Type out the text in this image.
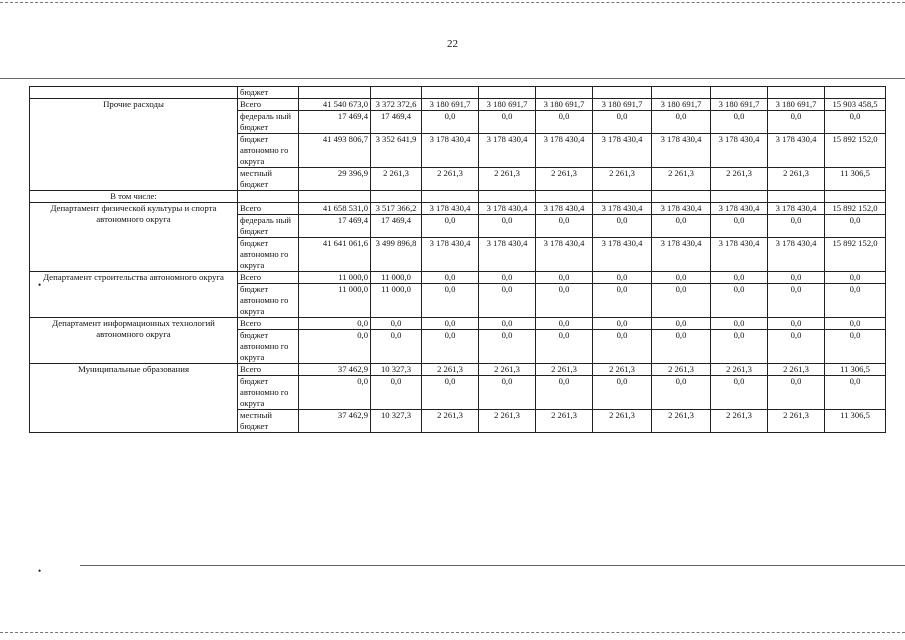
22
	бюджет										
Прочие расходы	Всего	41 540 673,0	3 372 372,6	3 180 691,7	3 180 691,7	3 180 691,7	3 180 691,7	3 180 691,7	3 180 691,7	3 180 691,7	15 903 458,5
	федераль ный бюджет	17 469,4	17 469,4	0,0	0,0	0,0	0,0	0,0	0,0	0,0	0,0
	бюджет автономно го округа	41 493 806,7	3 352 641,9	3 178 430,4	3 178 430,4	3 178 430,4	3 178 430,4	3 178 430,4	3 178 430,4	3 178 430,4	15 892 152,0
	местный бюджет	29 396,9	2 261,3	2 261,3	2 261,3	2 261,3	2 261,3	2 261,3	2 261,3	2 261,3	11 306,5
В том числе:											
Департамент физической культуры и спорта автономного округа	Всего	41 658 531,0	3 517 366,2	3 178 430,4	3 178 430,4	3 178 430,4	3 178 430,4	3 178 430,4	3 178 430,4	3 178 430,4	15 892 152,0
	федераль ный бюджет	17 469,4	17 469,4	0,0	0,0	0,0	0,0	0,0	0,0	0,0	0,0
	бюджет автономно го округа	41 641 061,6	3 499 896,8	3 178 430,4	3 178 430,4	3 178 430,4	3 178 430,4	3 178 430,4	3 178 430,4	3 178 430,4	15 892 152,0
Департамент строительства автономного округа	Всего	11 000,0	11 000,0	0,0	0,0	0,0	0,0	0,0	0,0	0,0	0,0
	бюджет автономно го округа	11 000,0	11 000,0	0,0	0,0	0,0	0,0	0,0	0,0	0,0	0,0
Департамент информационных технологий автономного округа	Всего	0,0	0,0	0,0	0,0	0,0	0,0	0,0	0,0	0,0	0,0
	бюджет автономно го округа	0,0	0,0	0,0	0,0	0,0	0,0	0,0	0,0	0,0	0,0
Муниципальные образования	Всего	37 462,9	10 327,3	2 261,3	2 261,3	2 261,3	2 261,3	2 261,3	2 261,3	2 261,3	11 306,5
	бюджет автономно го округа	0,0	0,0	0,0	0,0	0,0	0,0	0,0	0,0	0,0	0,0
	местный бюджет	37 462,9	10 327,3	2 261,3	2 261,3	2 261,3	2 261,3	2 261,3	2 261,3	2 261,3	11 306,5
•
•
